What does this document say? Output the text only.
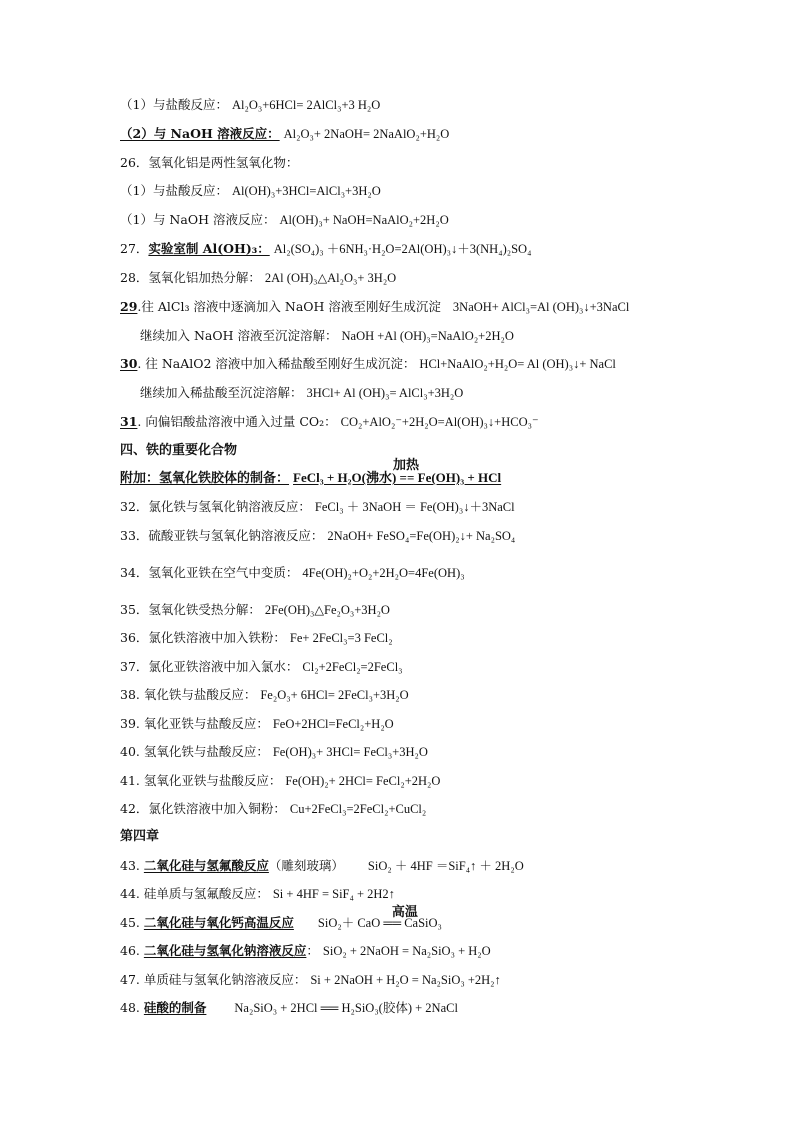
（1）与盐酸反应： Al₂O₃+6HCl= 2AlCl₃+3 H₂O
（2）与 NaOH 溶液反应： Al₂O₃+ 2NaOH= 2NaAlO₂+H₂O
26．氢氧化铝是两性氢氧化物：
（1）与盐酸反应： Al(OH)₃+3HCl=AlCl₃+3H₂O
（1）与 NaOH 溶液反应： Al(OH)₃+ NaOH=NaAlO₂+2H₂O
27．实验室制 Al(OH)₃： Al₂(SO₄)₃ ＋6NH₃·H₂O=2Al(OH)₃↓＋3(NH₄)₂SO₄
28．氢氧化铝加热分解： 2Al (OH)₃△Al₂O₃+ 3H₂O
29.往 AlCl₃ 溶液中逐滴加入 NaOH 溶液至刚好生成沉淀 3NaOH+ AlCl₃=Al (OH)₃↓+3NaCl
继续加入 NaOH 溶液至沉淀溶解： NaOH +Al (OH)₃=NaAlO₂+2H₂O
30. 往 NaAlO2 溶液中加入稀盐酸至刚好生成沉淀： HCl+NaAlO₂+H₂O= Al (OH)₃↓+ NaCl
继续加入稀盐酸至沉淀溶解： 3HCl+ Al (OH)₃= AlCl₃+3H₂O
31. 向偏铝酸盐溶液中通入过量 CO₂： CO₂+AlO₂⁻+2H₂O=Al(OH)₃↓+HCO₃⁻
四、铁的重要化合物
附加：氢氧化铁胶体的制备： FeCl₃ + H₂O(沸水) == Fe(OH)₃ + HCl
加热
32．氯化铁与氢氧化钠溶液反应： FeCl₃ ＋ 3NaOH ＝ Fe(OH)₃↓＋3NaCl
33．硫酸亚铁与氢氧化钠溶液反应： 2NaOH+ FeSO₄=Fe(OH)₂↓+ Na₂SO₄
34．氢氧化亚铁在空气中变质： 4Fe(OH)₂+O₂+2H₂O=4Fe(OH)₃
35．氢氧化铁受热分解： 2Fe(OH)₃△Fe₂O₃+3H₂O
36．氯化铁溶液中加入铁粉： Fe+ 2FeCl₃=3 FeCl₂
37．氯化亚铁溶液中加入氯水： Cl₂+2FeCl₂=2FeCl₃
38. 氧化铁与盐酸反应： Fe₂O₃+ 6HCl= 2FeCl₃+3H₂O
39. 氧化亚铁与盐酸反应： FeO+2HCl=FeCl₂+H₂O
40. 氢氧化铁与盐酸反应： Fe(OH)₃+ 3HCl= FeCl₃+3H₂O
41. 氢氧化亚铁与盐酸反应： Fe(OH)₂+ 2HCl= FeCl₂+2H₂O
42．氯化铁溶液中加入铜粉： Cu+2FeCl₃=2FeCl₂+CuCl₂
第四章
43. 二氧化硅与氢氟酸反应（雕刻玻璃） SiO₂ ＋ 4HF ＝SiF₄↑ ＋ 2H₂O
44. 硅单质与氢氟酸反应： Si + 4HF = SiF₄ + 2H2↑
45. 二氧化硅与氧化钙高温反应 SiO₂＋ CaO ══ CaSiO₃
高温
46. 二氧化硅与氢氧化钠溶液反应： SiO₂ + 2NaOH = Na₂SiO₃ + H₂O
47. 单质硅与氢氧化钠溶液反应： Si + 2NaOH + H₂O = Na₂SiO₃ +2H₂↑
48. 硅酸的制备 Na₂SiO₃ + 2HCl ══ H₂SiO₃(胶体) + 2NaCl
